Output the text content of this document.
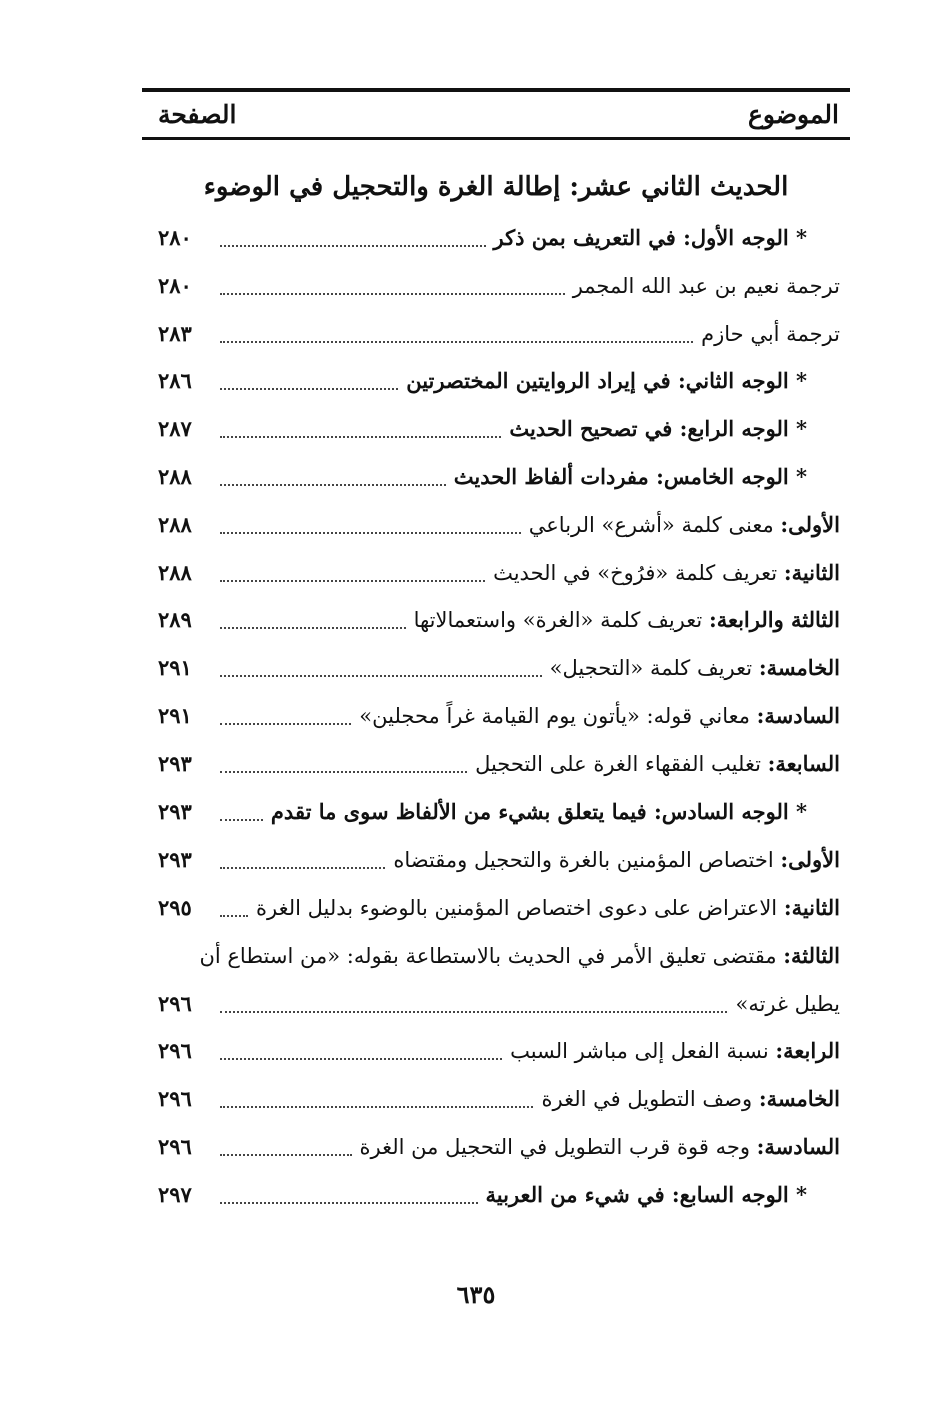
الموضوع
الصفحة
الحديث الثاني عشر: إطالة الغرة والتحجيل في الوضوء
٢٨٠	* الوجه الأول: في التعريف بمن ذكر
٢٨٠	ترجمة نعيم بن عبد الله المجمر
٢٨٣	ترجمة أبي حازم
٢٨٦	* الوجه الثاني: في إيراد الروايتين المختصرتين
٢٨٧	* الوجه الرابع: في تصحيح الحديث
٢٨٨	* الوجه الخامس: مفردات ألفاظ الحديث
٢٨٨	الأولى: معنى كلمة «أشرع» الرباعي
٢٨٨	الثانية: تعريف كلمة «فرُوخ» في الحديث
٢٨٩	الثالثة والرابعة: تعريف كلمة «الغرة» واستعمالاتها
٢٩١	الخامسة: تعريف كلمة «التحجيل»
٢٩١	السادسة: معاني قوله: «يأتون يوم القيامة غراً محجلين»
٢٩٣	السابعة: تغليب الفقهاء الغرة على التحجيل
٢٩٣	* الوجه السادس: فيما يتعلق بشيء من الألفاظ سوى ما تقدم
٢٩٣	الأولى: اختصاص المؤمنين بالغرة والتحجيل ومقتضاه
٢٩٥	الثانية: الاعتراض على دعوى اختصاص المؤمنين بالوضوء بدليل الغرة
الثالثة: مقتضى تعليق الأمر في الحديث بالاستطاعة بقوله: «من استطاع أن
٢٩٦	يطيل غرته»
٢٩٦	الرابعة: نسبة الفعل إلى مباشر السبب
٢٩٦	الخامسة: وصف التطويل في الغرة
٢٩٦	السادسة: وجه قوة قرب التطويل في التحجيل من الغرة
٢٩٧	* الوجه السابع: في شيء من العربية
٦٣٥
